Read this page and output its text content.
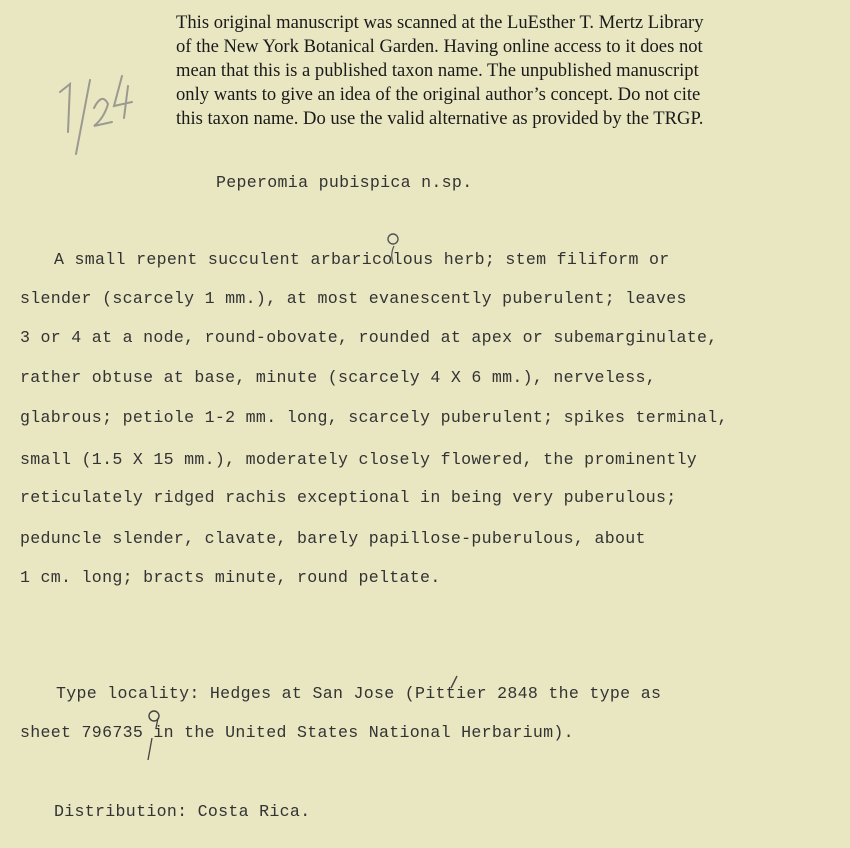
This original manuscript was scanned at the LuEsther T. Mertz Library

of the New York Botanical Garden. Having online access to it does not

mean that this is a published taxon name. The unpublished manuscript

only wants to give an idea of the original author’s concept. Do not cite

this taxon name. Do use the valid alternative as provided by the TRGP.

Peperomia pubispica n.sp.

A small repent succulent arbaricolous herb; stem filiform or

slender (scarcely 1 mm.), at most evanescently puberulent; leaves

3 or 4 at a node, round-obovate, rounded at apex or subemarginulate,

rather obtuse at base, minute (scarcely 4 X 6 mm.), nerveless,

glabrous; petiole 1-2 mm. long, scarcely puberulent; spikes terminal,

small (1.5 X 15 mm.), moderately closely flowered, the prominently

reticulately ridged rachis exceptional in being very puberulous;

peduncle slender, clavate, barely papillose-puberulous, about

1 cm. long; bracts minute, round peltate.

Type locality: Hedges at San Jose (Pittier 2848 the type as

sheet 796735 in the United States National Herbarium).

Distribution: Costa Rica.
